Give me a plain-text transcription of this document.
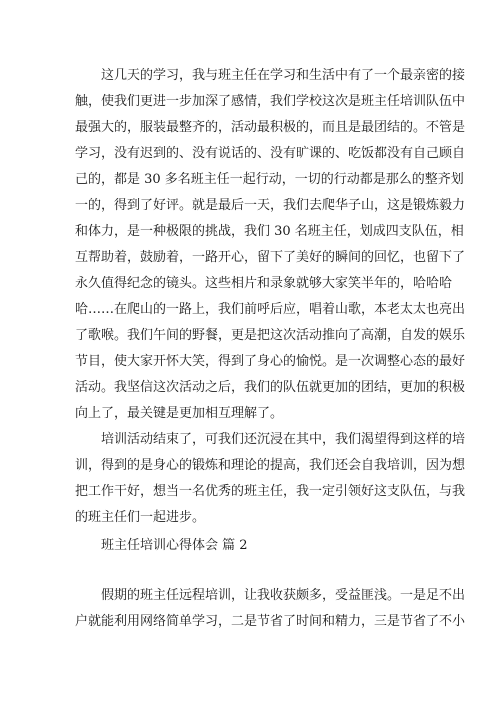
这几天的学习，我与班主任在学习和生活中有了一个最亲密的接
触，使我们更进一步加深了感情，我们学校这次是班主任培训队伍中
最强大的，服装最整齐的，活动最积极的，而且是最团结的。不管是
学习，没有迟到的、没有说话的、没有旷课的、吃饭都没有自己顾自
己的，都是 30 多名班主任一起行动，一切的行动都是那么的整齐划
一的，得到了好评。就是最后一天，我们去爬华子山，这是锻炼毅力
和体力，是一种极限的挑战，我们 30 名班主任，划成四支队伍，相
互帮助着，鼓励着，一路开心，留下了美好的瞬间的回忆，也留下了
永久值得纪念的镜头。这些相片和录象就够大家笑半年的，哈哈哈
哈……在爬山的一路上，我们前呼后应，唱着山歌，本老太太也亮出
了歌喉。我们午间的野餐，更是把这次活动推向了高潮，自发的娱乐
节目，使大家开怀大笑，得到了身心的愉悦。是一次调整心态的最好
活动。我坚信这次活动之后，我们的队伍就更加的团结，更加的积极
向上了，最关键是更加相互理解了。
培训活动结束了，可我们还沉浸在其中，我们渴望得到这样的培
训，得到的是身心的锻炼和理论的提高，我们还会自我培训，因为想
把工作干好，想当一名优秀的班主任，我一定引领好这支队伍，与我
的班主任们一起进步。
班主任培训心得体会 篇 2
假期的班主任远程培训，让我收获颇多，受益匪浅。一是足不出
户就能利用网络简单学习，二是节省了时间和精力，三是节省了不小
